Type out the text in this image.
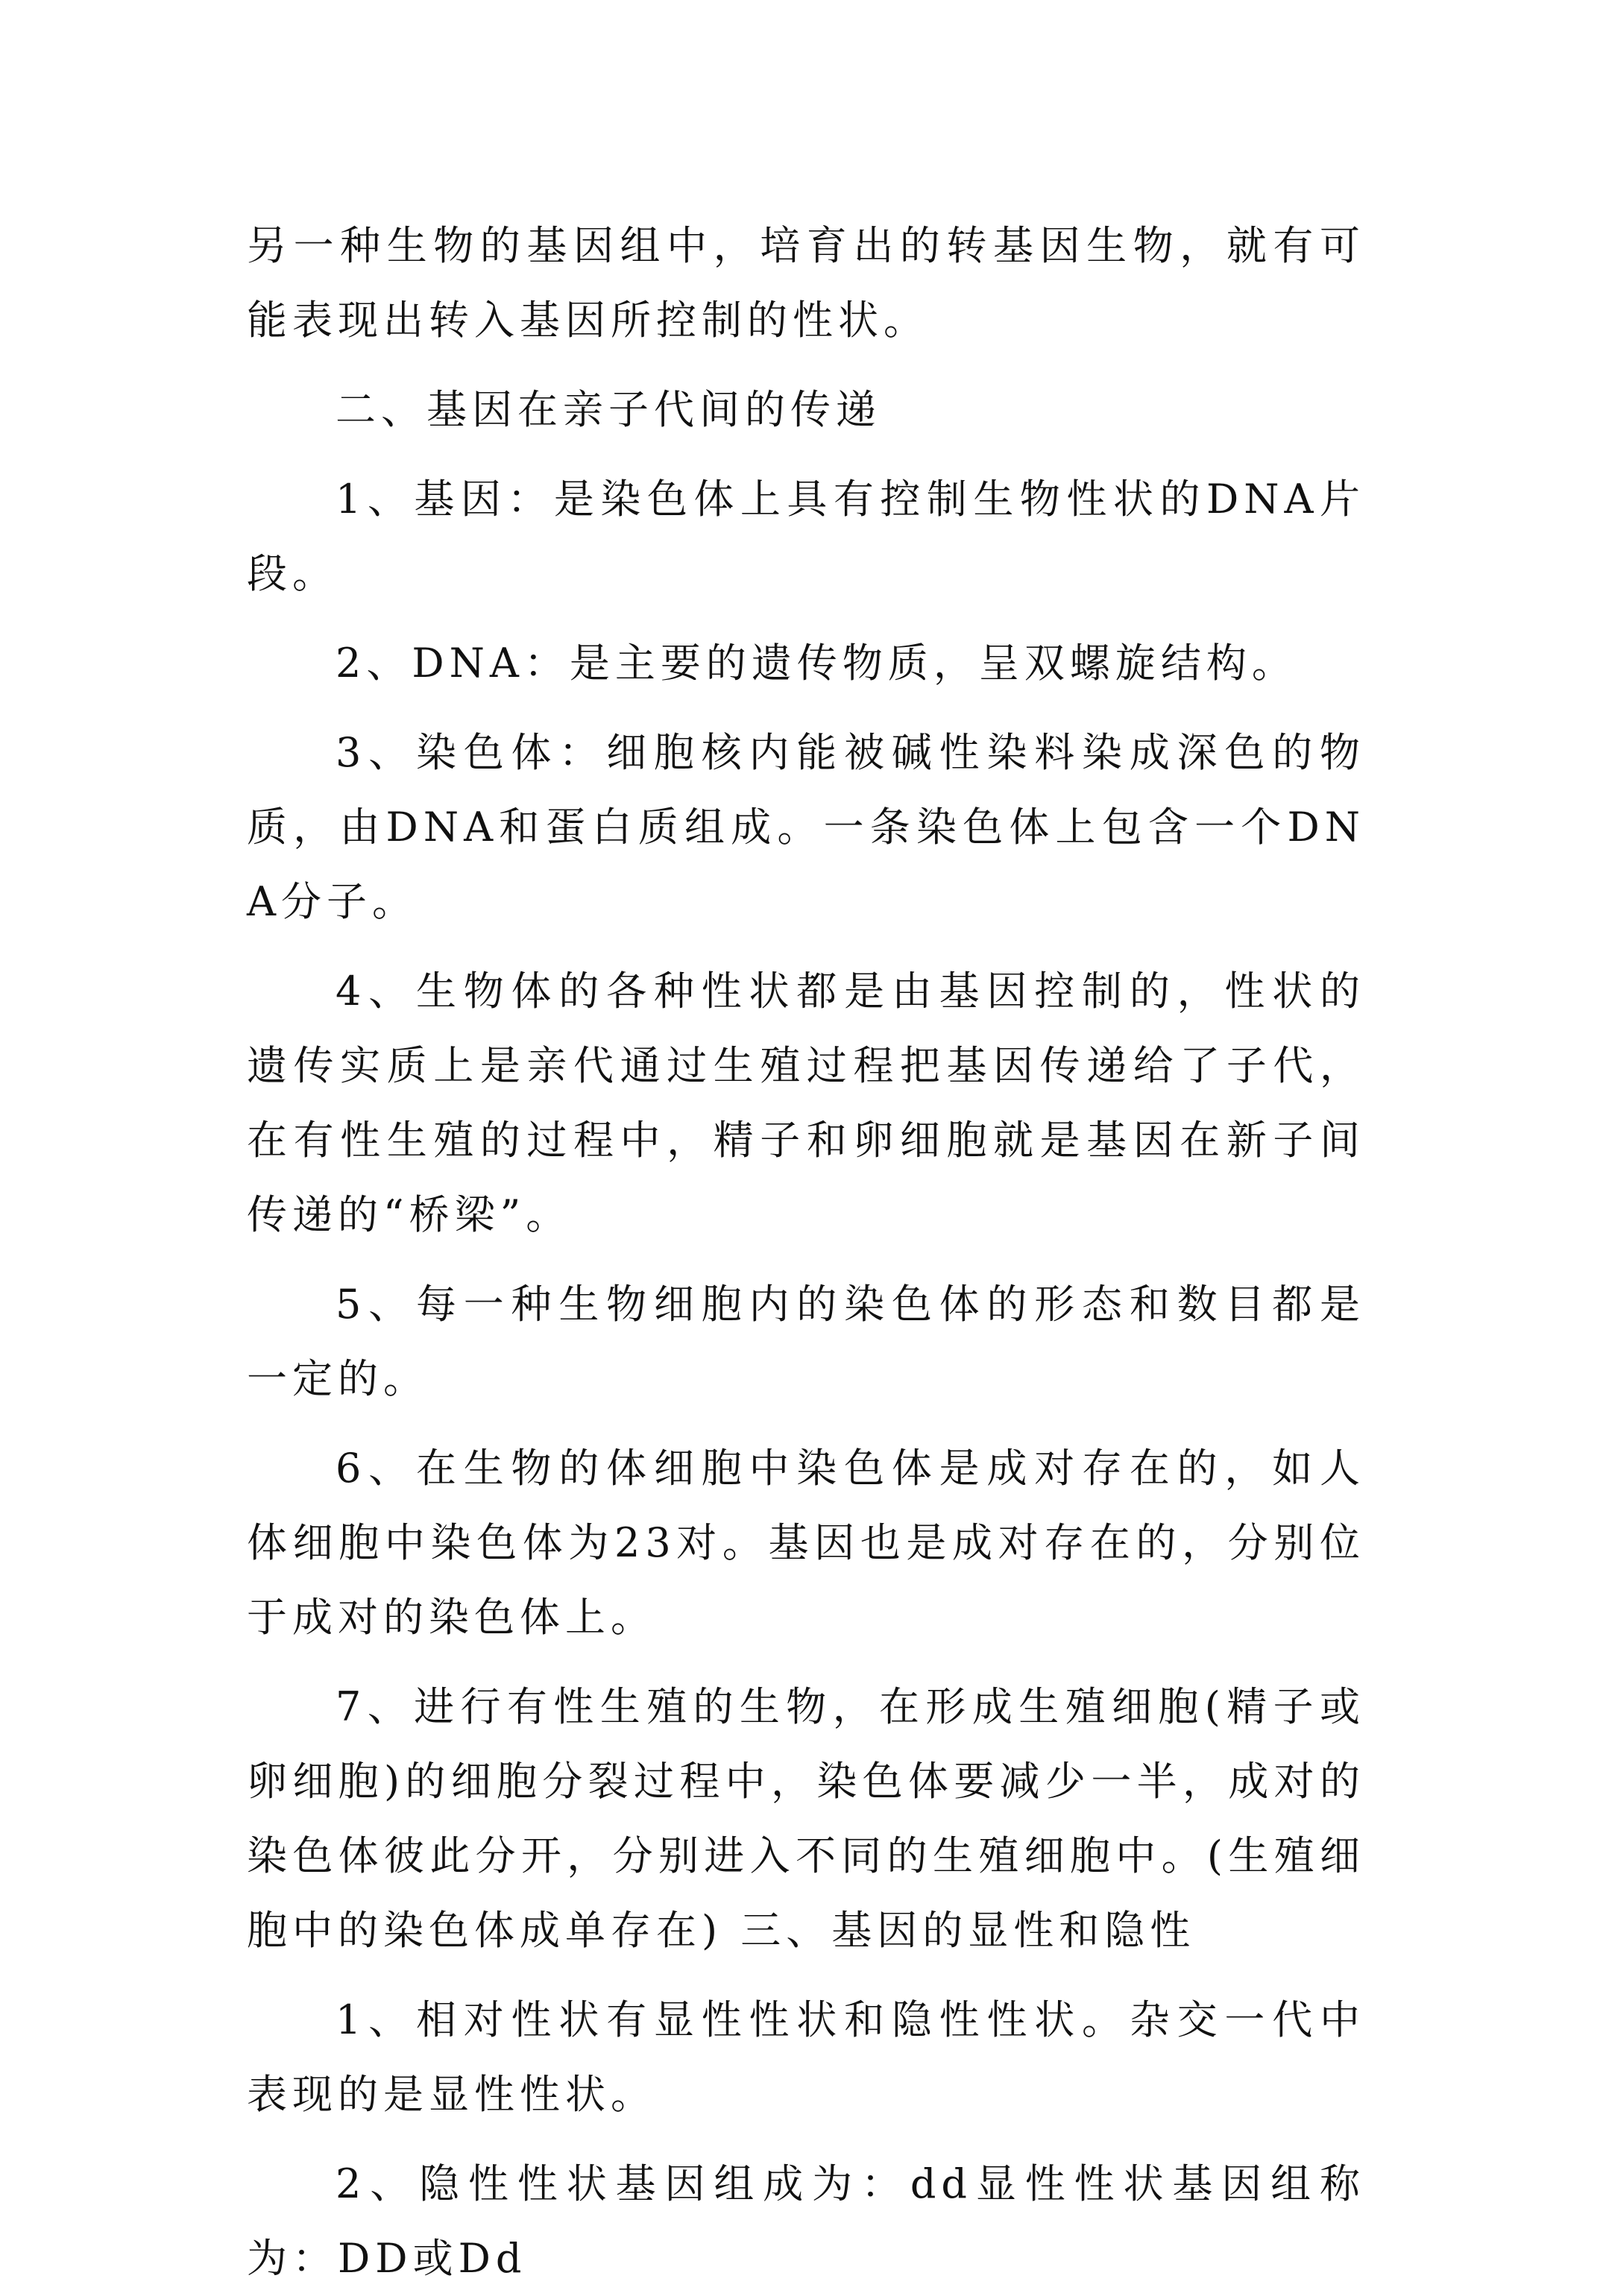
另一种生物的基因组中，培育出的转基因生物，就有可能表现出转入基因所控制的性状。

二、基因在亲子代间的传递

1、基因：是染色体上具有控制生物性状的DNA片段。

2、DNA：是主要的遗传物质，呈双螺旋结构。

3、染色体：细胞核内能被碱性染料染成深色的物质，由DNA和蛋白质组成。一条染色体上包含一个DNA分子。

4、生物体的各种性状都是由基因控制的，性状的遗传实质上是亲代通过生殖过程把基因传递给了子代，在有性生殖的过程中，精子和卵细胞就是基因在新子间传递的“桥梁”。

5、每一种生物细胞内的染色体的形态和数目都是一定的。

6、在生物的体细胞中染色体是成对存在的，如人体细胞中染色体为23对。基因也是成对存在的，分别位于成对的染色体上。

7、进行有性生殖的生物，在形成生殖细胞(精子或卵细胞)的细胞分裂过程中，染色体要减少一半，成对的染色体彼此分开，分别进入不同的生殖细胞中。(生殖细胞中的染色体成单存在) 三、基因的显性和隐性

1、相对性状有显性性状和隐性性状。杂交一代中表现的是显性性状。

2、隐性性状基因组成为：dd显性性状基因组称为：DD或Dd
